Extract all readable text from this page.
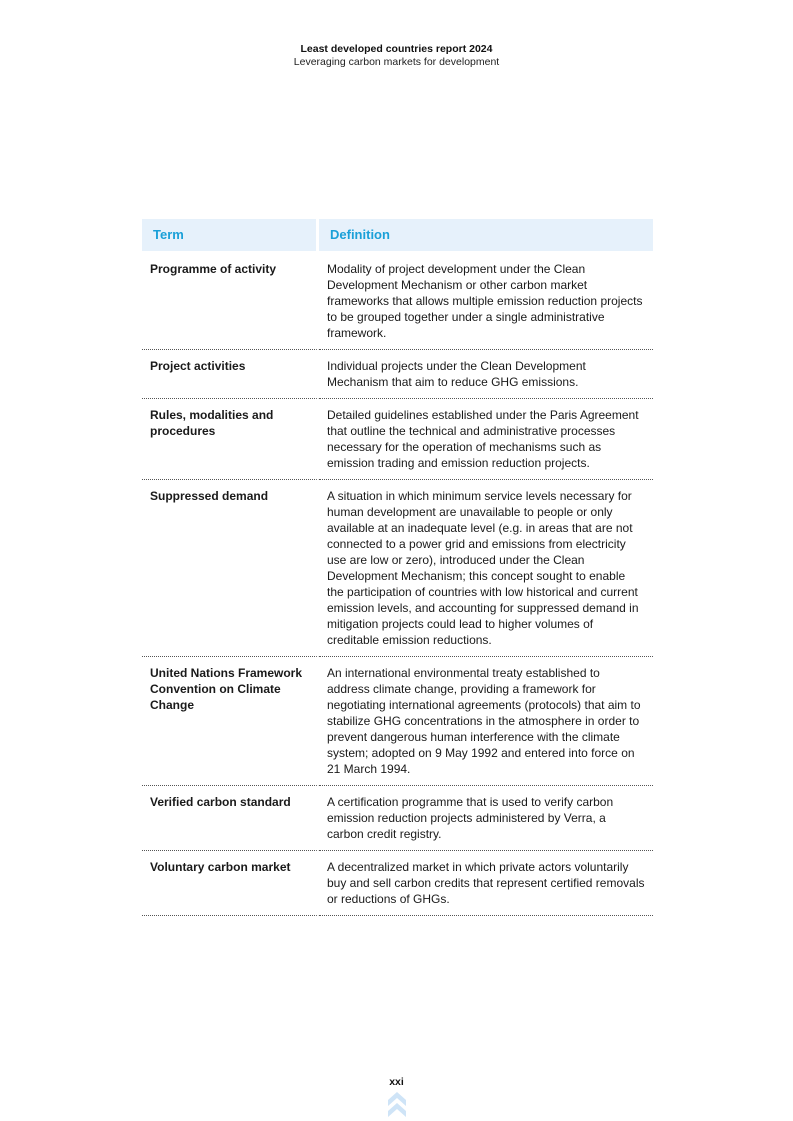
Least developed countries report 2024
Leveraging carbon markets for development
Term	Definition
Programme of activity	Modality of project development under the Clean Development Mechanism or other carbon market frameworks that allows multiple emission reduction projects to be grouped together under a single administrative framework.
Project activities	Individual projects under the Clean Development Mechanism that aim to reduce GHG emissions.
Rules, modalities and procedures	Detailed guidelines established under the Paris Agreement that outline the technical and administrative processes necessary for the operation of mechanisms such as emission trading and emission reduction projects.
Suppressed demand	A situation in which minimum service levels necessary for human development are unavailable to people or only available at an inadequate level (e.g. in areas that are not connected to a power grid and emissions from electricity use are low or zero), introduced under the Clean Development Mechanism; this concept sought to enable the participation of countries with low historical and current emission levels, and accounting for suppressed demand in mitigation projects could lead to higher volumes of creditable emission reductions.
United Nations Framework Convention on Climate Change	An international environmental treaty established to address climate change, providing a framework for negotiating international agreements (protocols) that aim to stabilize GHG concentrations in the atmosphere in order to prevent dangerous human interference with the climate system; adopted on 9 May 1992 and entered into force on 21 March 1994.
Verified carbon standard	A certification programme that is used to verify carbon emission reduction projects administered by Verra, a carbon credit registry.
Voluntary carbon market	A decentralized market in which private actors voluntarily buy and sell carbon credits that represent certified removals or reductions of GHGs.
xxi
